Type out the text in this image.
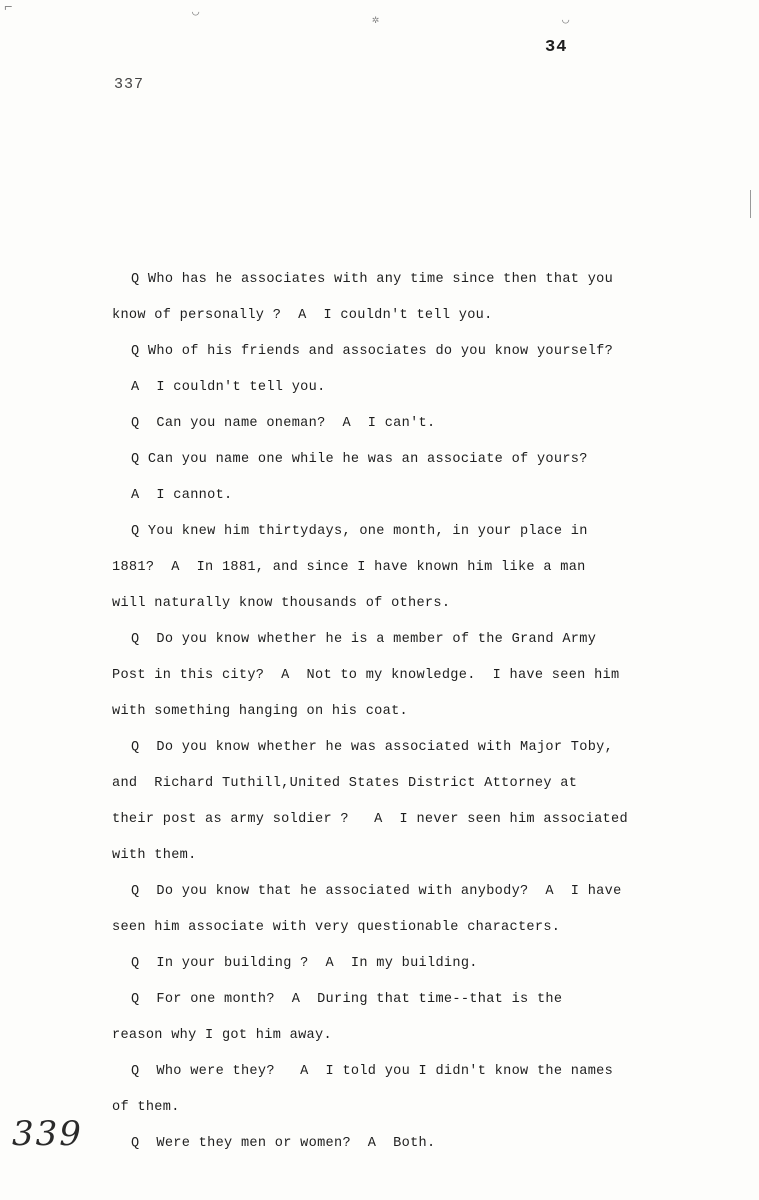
⌐	◡
✲	◡
34
337
Q Who has he associates with any time since then that you
know of personally ?  A  I couldn't tell you.
Q Who of his friends and associates do you know yourself?
A  I couldn't tell you.
Q  Can you name oneman?  A  I can't.
Q Can you name one while he was an associate of yours?
A  I cannot.
Q You knew him thirtydays, one month, in your place in
1881?  A  In 1881, and since I have known him like a man
will naturally know thousands of others.
Q  Do you know whether he is a member of the Grand Army
Post in this city?  A  Not to my knowledge.  I have seen him
with something hanging on his coat.
Q  Do you know whether he was associated with Major Toby,
and  Richard Tuthill,United States District Attorney at
their post as army soldier ?   A  I never seen him associated
with them.
Q  Do you know that he associated with anybody?  A  I have
seen him associate with very questionable characters.
Q  In your building ?  A  In my building.
Q  For one month?  A  During that time--that is the
reason why I got him away.
Q  Who were they?   A  I told you I didn't know the names
of them.
Q  Were they men or women?  A  Both.
339
